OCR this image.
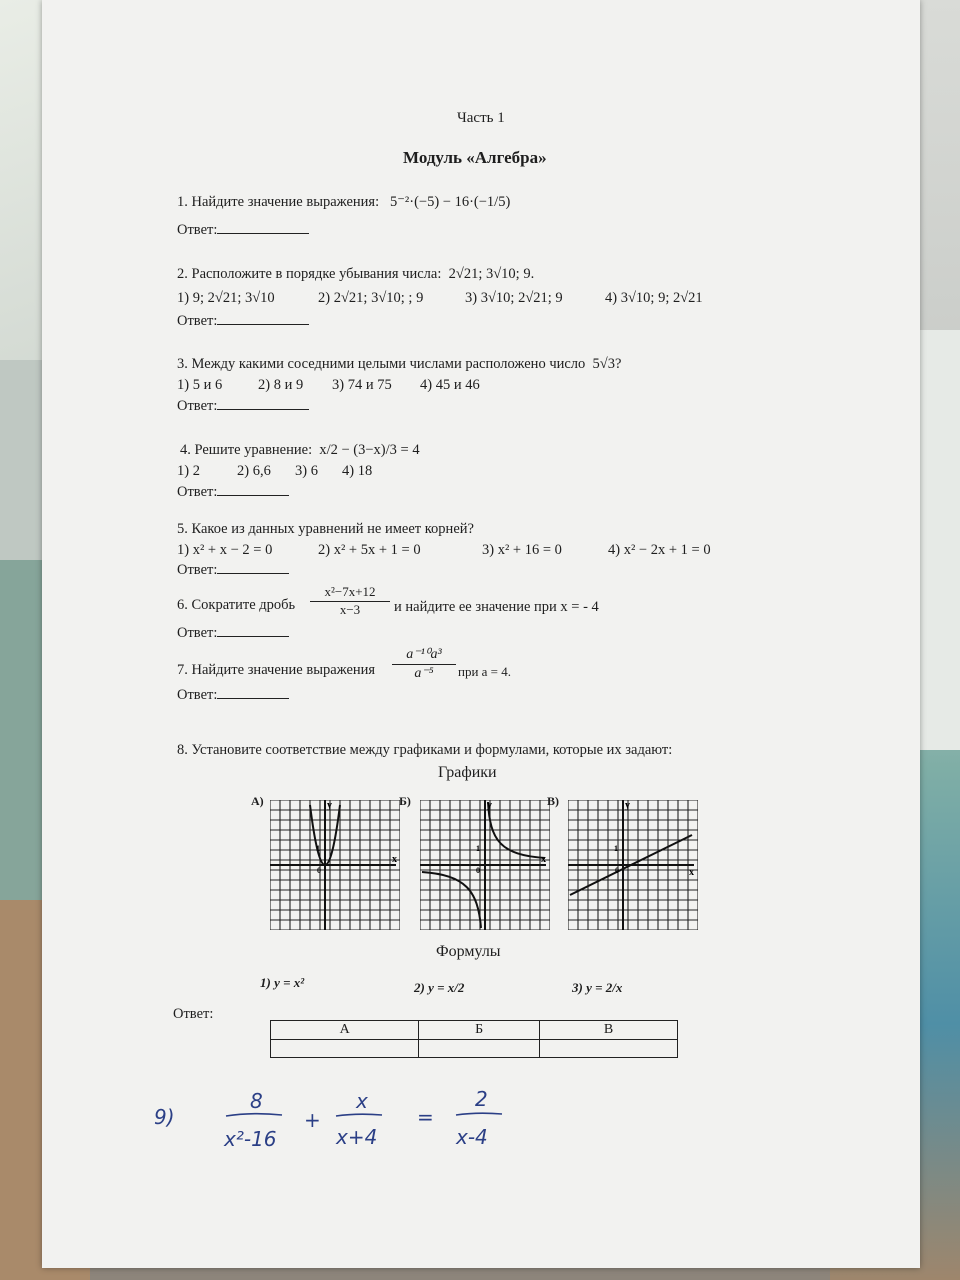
Часть 1
Модуль «Алгебра»
1. Найдите значение выражения: 5⁻²·(−5) − 16·(−1/5)
Ответ:
2. Расположите в порядке убывания числа: 2√21; 3√10; 9.
1) 9; 2√21; 3√10	2) 2√21; 3√10; ; 9	3) 3√10; 2√21; 9	4) 3√10; 9; 2√21
Ответ:
3. Между какими соседними целыми числами расположено число 5√3?
1) 5 и 6 2) 8 и 9 3) 74 и 75 4) 45 и 46
Ответ:
4. Решите уравнение: x/2 − (3−x)/3 = 4
1) 2	2) 6,6 3) 6 4) 18
Ответ:
5. Какое из данных уравнений не имеет корней?
1) x² + x − 2 = 0	2) x² + 5x + 1 = 0	3) x² + 16 = 0	4) x² − 2x + 1 = 0
Ответ:
6. Сократите дробь $\frac{\text{x²−7x+12}}{x-3}$ и найдите ее значение при x = - 4
Ответ:
7. Найдите значение выражения $\frac{\text{a⁻¹⁰a³}}{\text{a⁻⁵}}$ при a = 4.
Ответ:
8. Установите соответствие между графиками и формулами, которые их задают:
Графики
А)	Б)	В)
y
x
1
0
y
x
1
0
y
x
1
0
Формулы
1) y = x²	2) y = x/2	3) y = 2/x
Ответ:
А	Б	В

9)
8
x²-16
+
x
x+4
=
2
x-4
